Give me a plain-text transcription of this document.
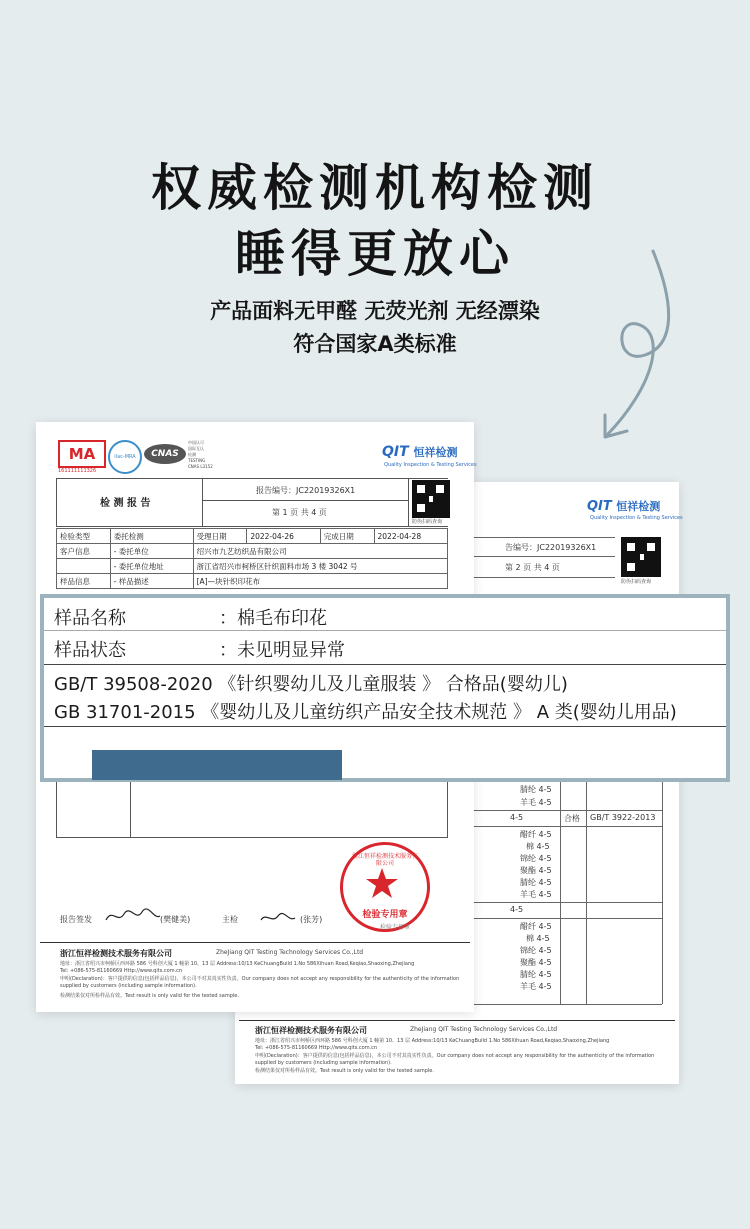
权威检测机构检测
睡得更放心
产品面料无甲醛 无荧光剂 无经漂染
符合国家A类标准
QIT 恒祥检测
Quality Inspection & Testing Services
防伪扫码查询
告编号：JC22019326X1
第 2 页 共 4 页
腈纶 4-5
羊毛 4-5
4-5	合格 GB/T 3922-2013
醋纤 4-5
棉 4-5
锦纶 4-5
聚酯 4-5
腈纶 4-5
羊毛 4-5
4-5
醋纤 4-5
棉 4-5
锦纶 4-5
聚酯 4-5
腈纶 4-5
羊毛 4-5
浙江恒祥检测技术服务有限公司	ZheJiang QIT Testing Technology Services Co.,Ltd
地址：浙江省绍兴市柯桥区西环路 586 号科创大厦 1 幢第 10、13 层 Address:10/13 KeChuangBuild 1.No 586Xihuan Road,Keqiao,Shaoxing,Zhejiang
Tel: +086-575-81160669 Http://www.qits.com.cn
申明(Declaration)：客户提供的信息(包括样品信息)，本公司不对其真实性负责。Our company does not accept any responsibility for the authenticity of the information supplied by customers (including sample information).
检测结果仅对所检样品有效。Test result is only valid for the tested sample.
MA
161111111326
ilac-MRA	CNAS
中国认可
国际互认
检测
TESTING
CNAS L3152
QIT 恒祥检测
Quality Inspection & Testing Services
检 测 报 告
报告编号：JC22019326X1
第 1 页 共 4 页
防伪扫码查询
检验类型	委托检测	受理日期	2022-04-26	完成日期	2022-04-28
客户信息	- 委托单位	绍兴市九艺纺织品有限公司			
	- 委托单位地址	浙江省绍兴市柯桥区针织面料市场 3 楼 3042 号			
样品信息	- 样品描述	[A]—块针织印花布			
报告签发	(樊健美)	主检	(张芳)
浙江恒祥检测技术服务有限公司
检验专用章
检验专用章
浙江恒祥检测技术服务有限公司	ZheJiang QIT Testing Technology Services Co.,Ltd
地址：浙江省绍兴市柯桥区西环路 586 号科创大厦 1 幢第 10、13 层 Address:10/13 KeChuangBuild 1.No 586Xihuan Road,Keqiao,Shaoxing,Zhejiang
Tel: +086-575-81160669 Http://www.qits.com.cn
申明(Declaration)：客户提供的信息(包括样品信息)，本公司不对其真实性负责。Our company does not accept any responsibility for the authenticity of the information supplied by customers (including sample information).
检测结果仅对所检样品有效。Test result is only valid for the tested sample.
样品名称	：棉毛布印花
样品状态	：未见明显异常
GB/T 39508-2020 《针织婴幼儿及儿童服装 》 合格品(婴幼儿)
GB 31701-2015 《婴幼儿及儿童纺织产品安全技术规范 》 A 类(婴幼儿用品)
